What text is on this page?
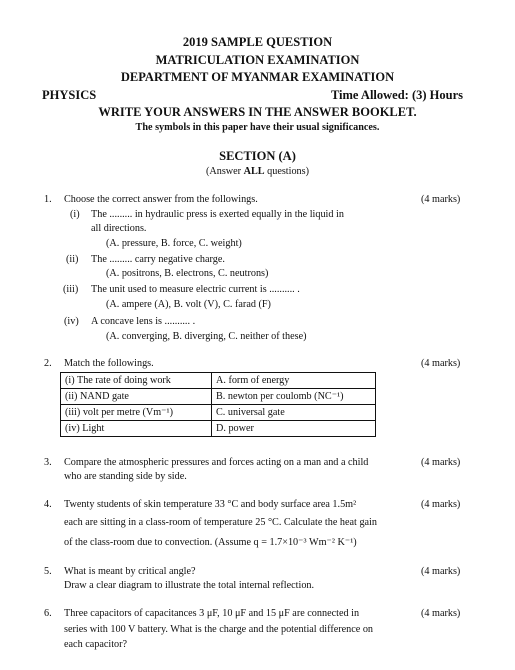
2019 SAMPLE QUESTION
MATRICULATION EXAMINATION
DEPARTMENT OF MYANMAR EXAMINATION
PHYSICS	Time Allowed: (3) Hours
WRITE YOUR ANSWERS IN THE ANSWER BOOKLET.
The symbols in this paper have their usual significances.
SECTION (A)
(Answer ALL questions)
1. Choose the correct answer from the followings.	(4 marks)
(i) The ......... in hydraulic press is exerted equally in the liquid in
all directions.
(A. pressure, B. force, C. weight)
(ii) The ......... carry negative charge.
(A. positrons, B. electrons, C. neutrons)
(iii) The unit used to measure electric current is .......... .
(A. ampere (A), B. volt (V), C. farad (F)
(iv) A concave lens is .......... .
(A. converging, B. diverging, C. neither of these)
2. Match the followings.	(4 marks)
(i) The rate of doing work	A. form of energy
(ii) NAND gate	B. newton per coulomb (NC⁻¹)
(iii) volt per metre (Vm⁻¹)	C. universal gate
(iv) Light	D. power
3. Compare the atmospheric pressures and forces acting on a man and a child
who are standing side by side.
(4 marks)
4. Twenty students of skin temperature 33 °C and body surface area 1.5m²
each are sitting in a class-room of temperature 25 °C. Calculate the heat gain
of the class-room due to convection. (Assume q = 1.7×10⁻³ Wm⁻² K⁻¹)
(4 marks)
5. What is meant by critical angle?
Draw a clear diagram to illustrate the total internal reflection.
(4 marks)
6. Three capacitors of capacitances 3 μF, 10 μF and 15 μF are connected in
series with 100 V battery. What is the charge and the potential difference on
each capacitor?
(4 marks)
